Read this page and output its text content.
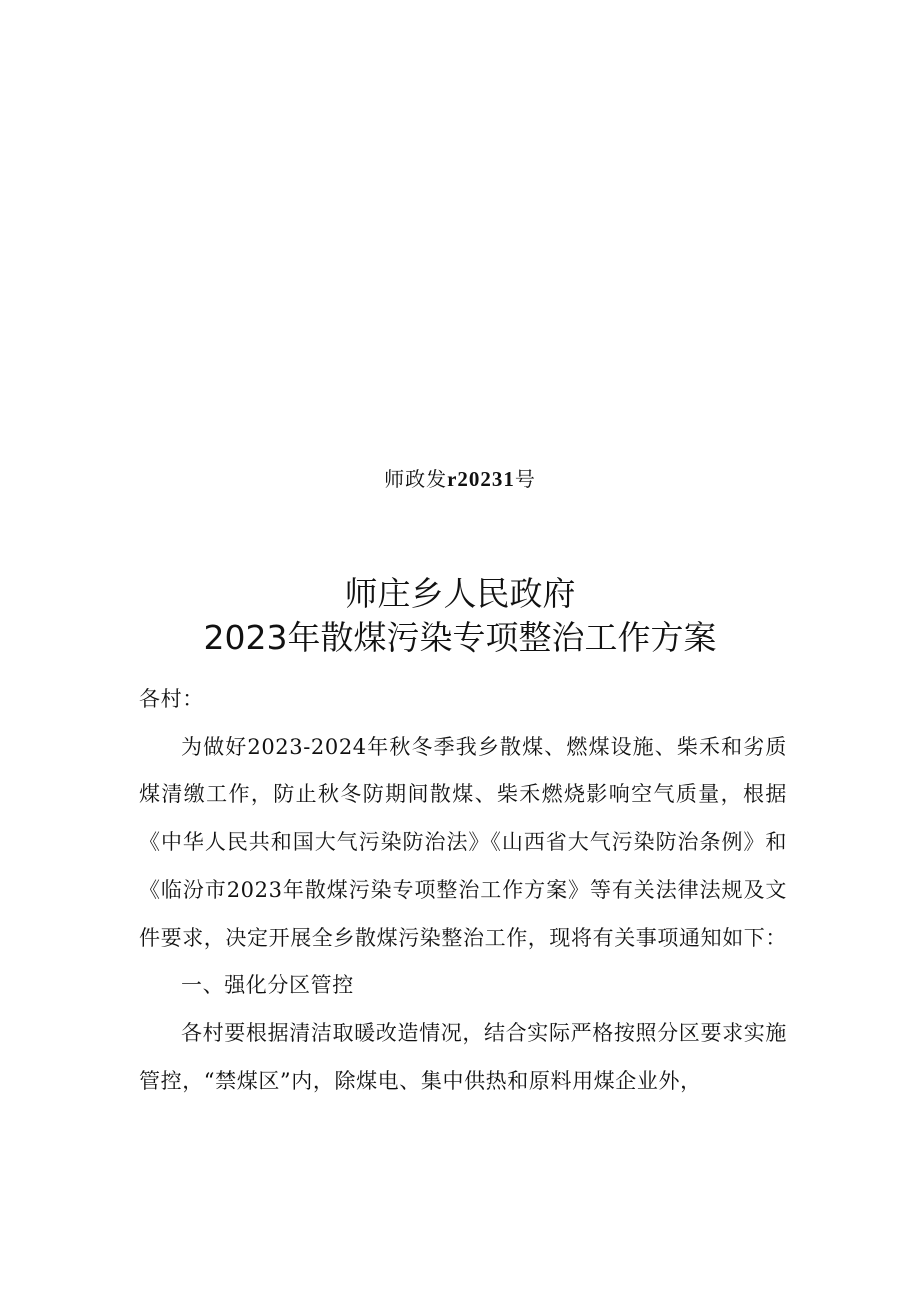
师政发r20231号
师庄乡人民政府
2023年散煤污染专项整治工作方案

各村：

为做好2023-2024年秋冬季我乡散煤、燃煤设施、柴禾和劣质煤清缴工作，防止秋冬防期间散煤、柴禾燃烧影响空气质量，根据《中华人民共和国大气污染防治法》《山西省大气污染防治条例》和《临汾市2023年散煤污染专项整治工作方案》等有关法律法规及文件要求，决定开展全乡散煤污染整治工作，现将有关事项通知如下：

一、强化分区管控

各村要根据清洁取暖改造情况，结合实际严格按照分区要求实施管控，“禁煤区”内，除煤电、集中供热和原料用煤企业外，
